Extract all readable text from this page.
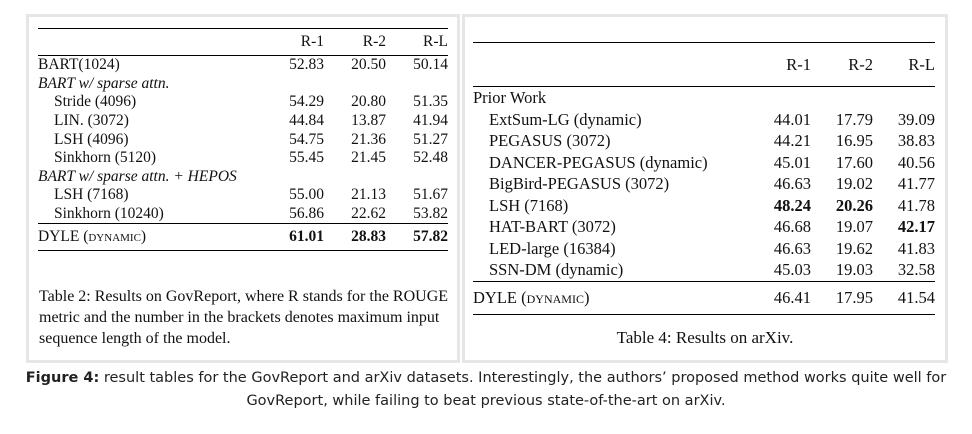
	R-1	R-2	R-L
BART(1024)	52.83	20.50	50.14
BART w/ sparse attn.			
Stride (4096)	54.29	20.80	51.35
LIN. (3072)	44.84	13.87	41.94
LSH (4096)	54.75	21.36	51.27
Sinkhorn (5120)	55.45	21.45	52.48
BART w/ sparse attn. + HEPOS			
LSH (7168)	55.00	21.13	51.67
Sinkhorn (10240)	56.86	22.62	53.82
DYLE (dynamic)	61.01	28.83	57.82
Table 2: Results on GovReport, where R stands for the ROUGE metric and the number in the brackets denotes maximum input sequence length of the model.
	R-1	R-2	R-L
Prior Work			
ExtSum-LG (dynamic)	44.01	17.79	39.09
PEGASUS (3072)	44.21	16.95	38.83
DANCER-PEGASUS (dynamic)	45.01	17.60	40.56
BigBird-PEGASUS (3072)	46.63	19.02	41.77
LSH (7168)	48.24	20.26	41.78
HAT-BART (3072)	46.68	19.07	42.17
LED-large (16384)	46.63	19.62	41.83
SSN-DM (dynamic)	45.03	19.03	32.58
DYLE (dynamic)	46.41	17.95	41.54
Table 4: Results on arXiv.
Figure 4: result tables for the GovReport and arXiv datasets. Interestingly, the authors’ proposed method works quite well for GovReport, while failing to beat previous state-of-the-art on arXiv.
